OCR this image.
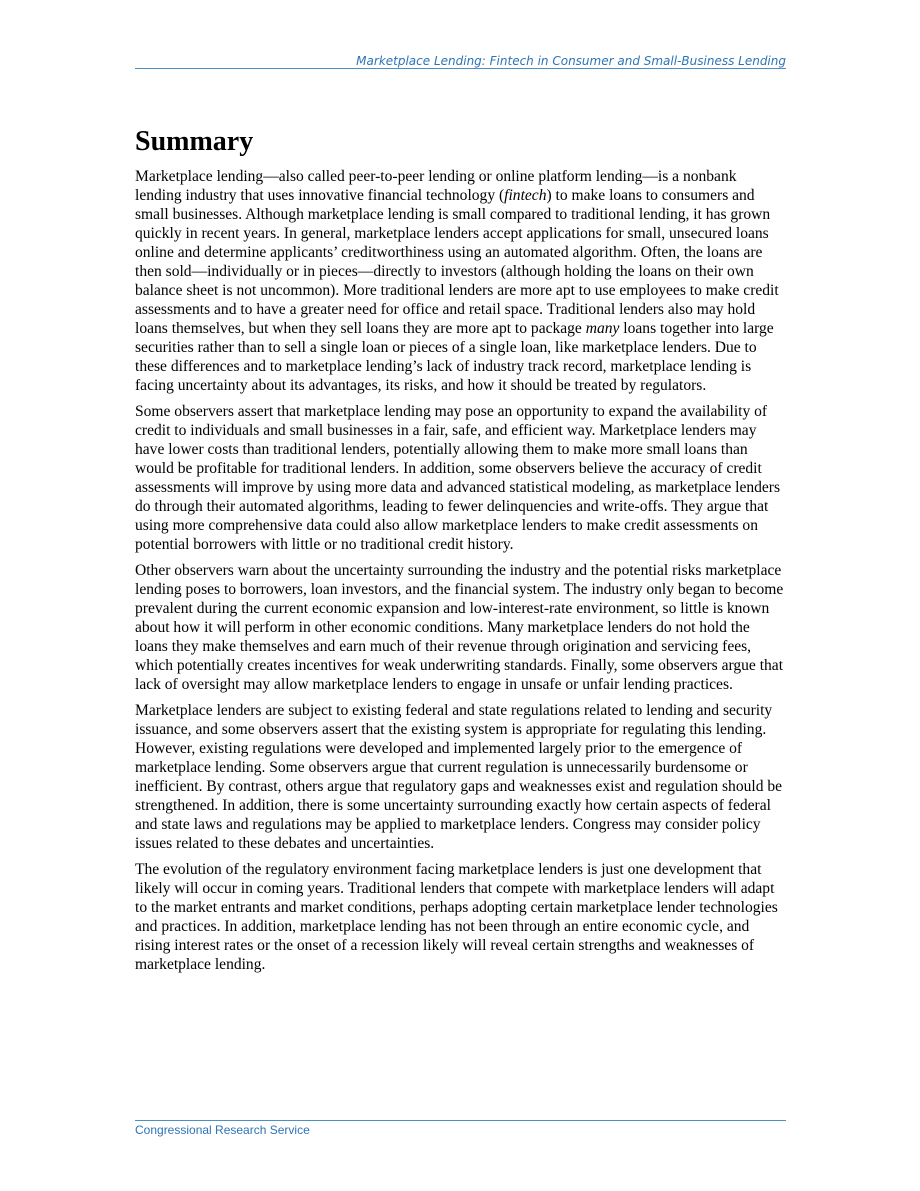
Marketplace Lending: Fintech in Consumer and Small-Business Lending
Summary

Marketplace lending—also called peer-to-peer lending or online platform lending—is a nonbank lending industry that uses innovative financial technology (fintech) to make loans to consumers and small businesses. Although marketplace lending is small compared to traditional lending, it has grown quickly in recent years. In general, marketplace lenders accept applications for small, unsecured loans online and determine applicants’ creditworthiness using an automated algorithm. Often, the loans are then sold—individually or in pieces—directly to investors (although holding the loans on their own balance sheet is not uncommon). More traditional lenders are more apt to use employees to make credit assessments and to have a greater need for office and retail space. Traditional lenders also may hold loans themselves, but when they sell loans they are more apt to package many loans together into large securities rather than to sell a single loan or pieces of a single loan, like marketplace lenders. Due to these differences and to marketplace lending’s lack of industry track record, marketplace lending is facing uncertainty about its advantages, its risks, and how it should be treated by regulators.

Some observers assert that marketplace lending may pose an opportunity to expand the availability of credit to individuals and small businesses in a fair, safe, and efficient way. Marketplace lenders may have lower costs than traditional lenders, potentially allowing them to make more small loans than would be profitable for traditional lenders. In addition, some observers believe the accuracy of credit assessments will improve by using more data and advanced statistical modeling, as marketplace lenders do through their automated algorithms, leading to fewer delinquencies and write-offs. They argue that using more comprehensive data could also allow marketplace lenders to make credit assessments on potential borrowers with little or no traditional credit history.

Other observers warn about the uncertainty surrounding the industry and the potential risks marketplace lending poses to borrowers, loan investors, and the financial system. The industry only began to become prevalent during the current economic expansion and low-interest-rate environment, so little is known about how it will perform in other economic conditions. Many marketplace lenders do not hold the loans they make themselves and earn much of their revenue through origination and servicing fees, which potentially creates incentives for weak underwriting standards. Finally, some observers argue that lack of oversight may allow marketplace lenders to engage in unsafe or unfair lending practices.

Marketplace lenders are subject to existing federal and state regulations related to lending and security issuance, and some observers assert that the existing system is appropriate for regulating this lending. However, existing regulations were developed and implemented largely prior to the emergence of marketplace lending. Some observers argue that current regulation is unnecessarily burdensome or inefficient. By contrast, others argue that regulatory gaps and weaknesses exist and regulation should be strengthened. In addition, there is some uncertainty surrounding exactly how certain aspects of federal and state laws and regulations may be applied to marketplace lenders. Congress may consider policy issues related to these debates and uncertainties.

The evolution of the regulatory environment facing marketplace lenders is just one development that likely will occur in coming years. Traditional lenders that compete with marketplace lenders will adapt to the market entrants and market conditions, perhaps adopting certain marketplace lender technologies and practices. In addition, marketplace lending has not been through an entire economic cycle, and rising interest rates or the onset of a recession likely will reveal certain strengths and weaknesses of marketplace lending.

Congressional Research Service
